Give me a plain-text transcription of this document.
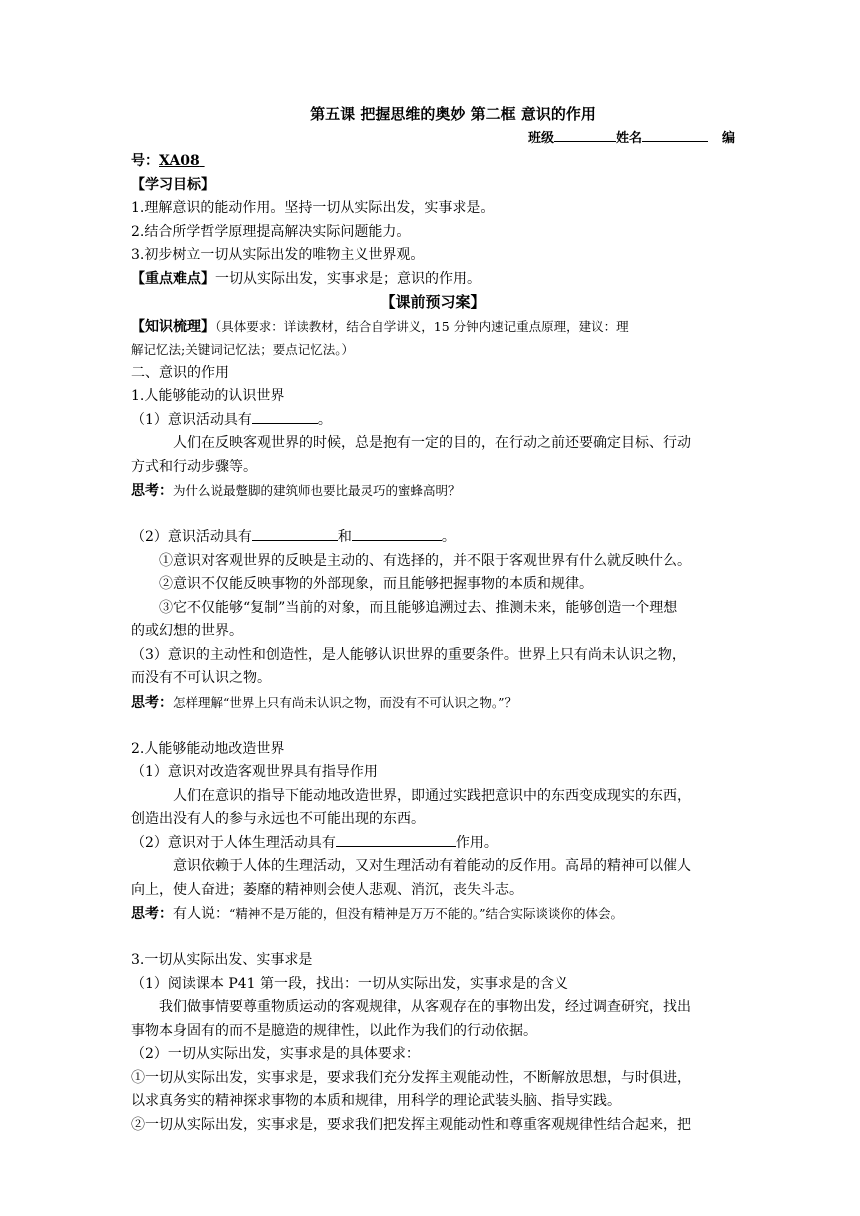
第五课 把握思维的奥妙 第二框 意识的作用
班级	姓名	编
号：XA08
【学习目标】
1.理解意识的能动作用。坚持一切从实际出发，实事求是。
2.结合所学哲学原理提高解决实际问题能力。
3.初步树立一切从实际出发的唯物主义世界观。
【重点难点】一切从实际出发，实事求是；意识的作用。
【课前预习案】
【知识梳理】（具体要求：详读教材，结合自学讲义，15 分钟内速记重点原理，建议：理
解记忆法;关键词记忆法；要点记忆法。）
二、意识的作用
1.人能够能动的认识世界
（1）意识活动具有	。
人们在反映客观世界的时候，总是抱有一定的目的，在行动之前还要确定目标、行动
方式和行动步骤等。
思考：为什么说最蹩脚的建筑师也要比最灵巧的蜜蜂高明？
（2）意识活动具有	和	。
①意识对客观世界的反映是主动的、有选择的，并不限于客观世界有什么就反映什么。
②意识不仅能反映事物的外部现象，而且能够把握事物的本质和规律。
③它不仅能够“复制”当前的对象，而且能够追溯过去、推测未来，能够创造一个理想
的或幻想的世界。
（3）意识的主动性和创造性，是人能够认识世界的重要条件。世界上只有尚未认识之物，
而没有不可认识之物。
思考：怎样理解“世界上只有尚未认识之物，而没有不可认识之物。”？
2.人能够能动地改造世界
（1）意识对改造客观世界具有指导作用
人们在意识的指导下能动地改造世界，即通过实践把意识中的东西变成现实的东西，
创造出没有人的参与永远也不可能出现的东西。
（2）意识对于人体生理活动具有	作用。
意识依赖于人体的生理活动，又对生理活动有着能动的反作用。高昂的精神可以催人
向上，使人奋进；萎靡的精神则会使人悲观、消沉，丧失斗志。
思考：有人说：“精神不是万能的，但没有精神是万万不能的。”结合实际谈谈你的体会。
3.一切从实际出发、实事求是
（1）阅读课本 P41 第一段，找出：一切从实际出发，实事求是的含义
我们做事情要尊重物质运动的客观规律，从客观存在的事物出发，经过调查研究，找出
事物本身固有的而不是臆造的规律性，以此作为我们的行动依据。
（2）一切从实际出发，实事求是的具体要求：
①一切从实际出发，实事求是，要求我们充分发挥主观能动性，不断解放思想，与时俱进，
以求真务实的精神探求事物的本质和规律，用科学的理论武装头脑、指导实践。
②一切从实际出发，实事求是，要求我们把发挥主观能动性和尊重客观规律性结合起来，把
